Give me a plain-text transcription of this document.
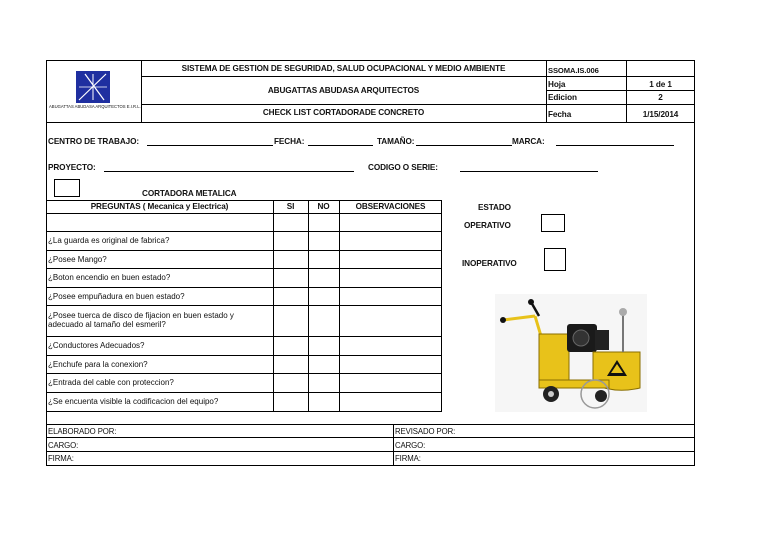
ABUGATTAS ABUDASA ARQUITECTOS E.I.R.L.
SISTEMA DE GESTION DE SEGURIDAD, SALUD OCUPACIONAL Y MEDIO AMBIENTE
ABUGATTAS ABUDASA ARQUITECTOS
CHECK LIST CORTADORADE CONCRETO
SSOMA.IS.006
Hoja	1 de 1
Edicion	2
Fecha	1/15/2014
CENTRO DE TRABAJO:	FECHA:	TAMAÑO:	MARCA:
PROYECTO:	CODIGO O SERIE:
CORTADORA METALICA
PREGUNTAS ( Mecanica y Electrica)	SI	NO	OBSERVACIONES
¿La guarda es original de fabrica?
¿Posee Mango?
¿Boton encendio en buen estado?
¿Posee empuñadura en buen estado?
¿Posee tuerca de disco de fijacion en buen estado y adecuado al tamaño del esmeril?
¿Conductores Adecuados?
¿Enchufe para la conexion?
¿Entrada del cable con proteccion?
¿Se encuenta visible la codificacion del equipo?
ESTADO
OPERATIVO
INOPERATIVO
ELABORADO POR:	REVISADO POR:
CARGO:	CARGO:
FIRMA:	FIRMA:
